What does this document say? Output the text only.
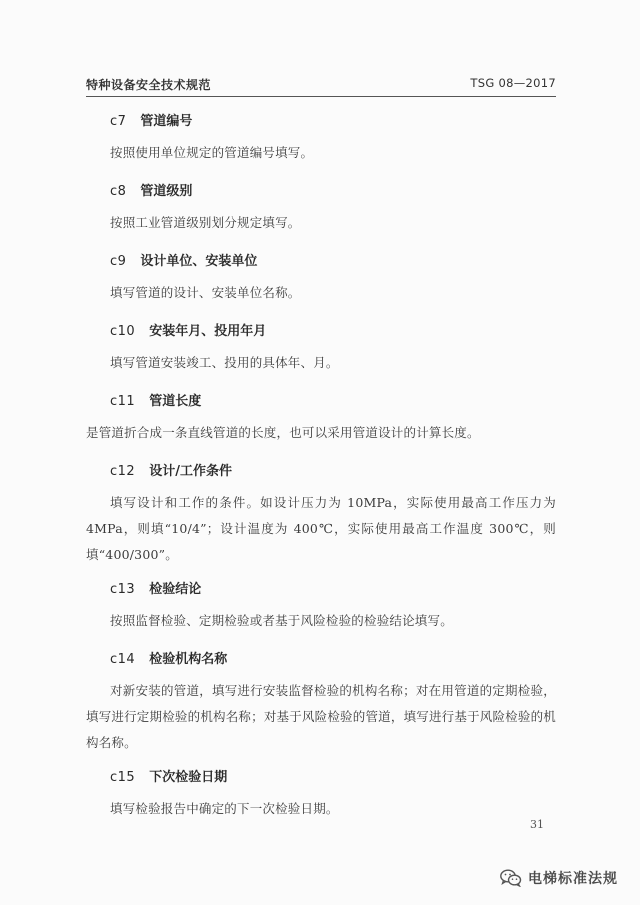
特种设备安全技术规范	TSG 08—2017
c7 管道编号
按照使用单位规定的管道编号填写。
c8 管道级别
按照工业管道级别划分规定填写。
c9 设计单位、安装单位
填写管道的设计、安装单位名称。
c10 安装年月、投用年月
填写管道安装竣工、投用的具体年、月。
c11 管道长度
是管道折合成一条直线管道的长度，也可以采用管道设计的计算长度。
c12 设计/工作条件
填写设计和工作的条件。如设计压力为 10MPa，实际使用最高工作压力为 4MPa，则填“10/4”；设计温度为 400℃，实际使用最高工作温度 300℃，则填“400/300”。
c13 检验结论
按照监督检验、定期检验或者基于风险检验的检验结论填写。
c14 检验机构名称
对新安装的管道，填写进行安装监督检验的机构名称；对在用管道的定期检验，填写进行定期检验的机构名称；对基于风险检验的管道，填写进行基于风险检验的机构名称。
c15 下次检验日期
填写检验报告中确定的下一次检验日期。
31
电梯标准法规
